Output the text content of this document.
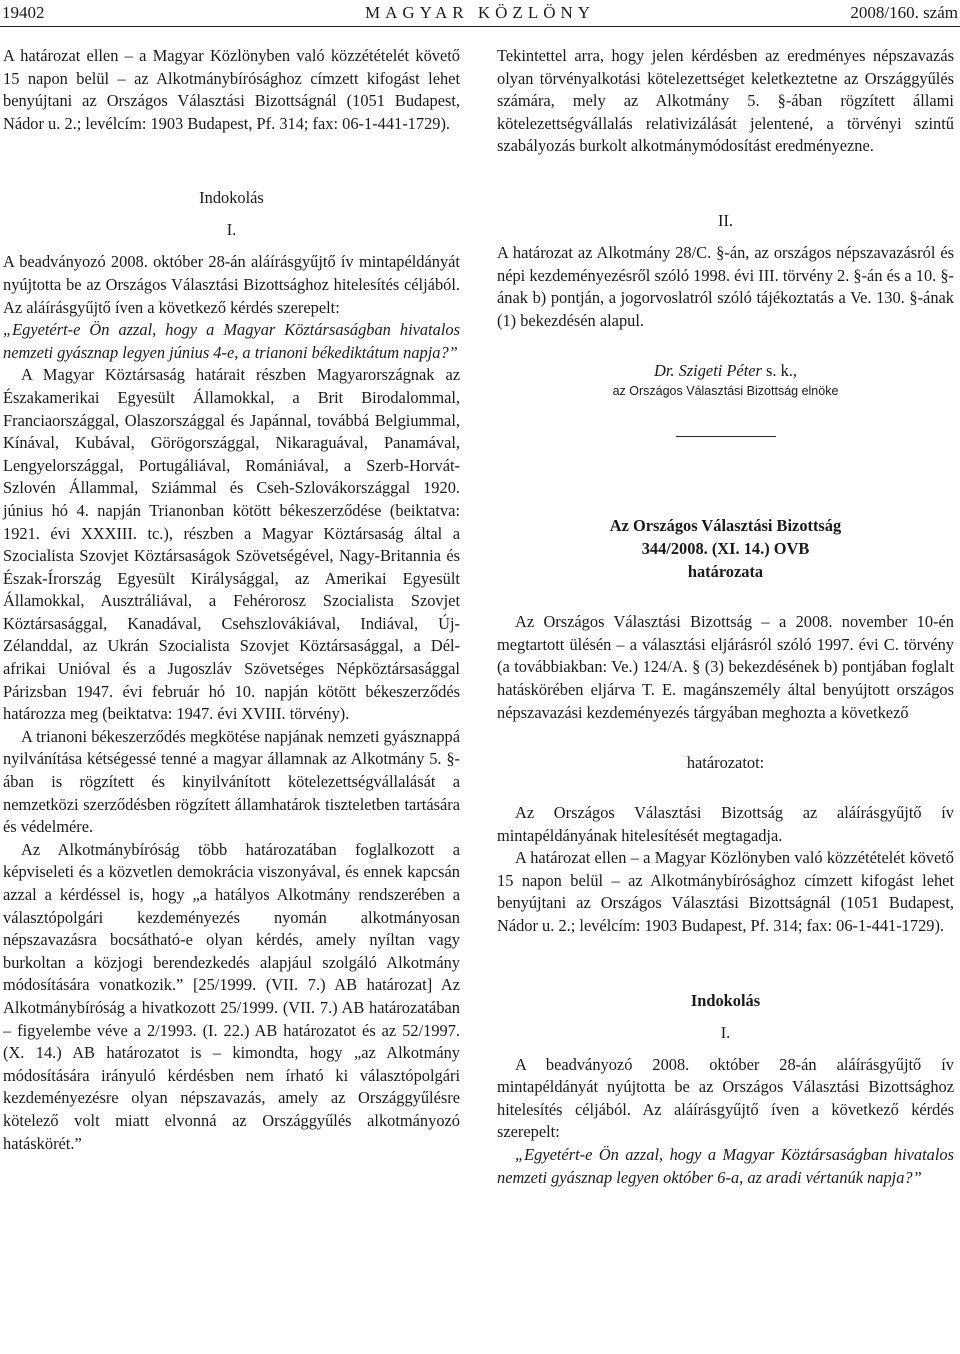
19402	MAGYAR KÖZLÖNY	2008/160. szám

A határozat ellen – a Magyar Közlönyben való közzétételét követő 15 napon belül – az Alkotmánybírósághoz címzett kifogást lehet benyújtani az Országos Választási Bizottságnál (1051 Budapest, Nádor u. 2.; levélcím: 1903 Budapest, Pf. 314; fax: 06-1-441-1729).

Indokolás
I.

A beadványozó 2008. október 28-án aláírásgyűjtő ív mintapéldányát nyújtotta be az Országos Választási Bizottsághoz hitelesítés céljából. Az aláírásgyűjtő íven a következő kérdés szerepelt:

„Egyetért-e Ön azzal, hogy a Magyar Köztársaságban hivatalos nemzeti gyásznap legyen június 4-e, a trianoni békediktátum napja?”

A Magyar Köztársaság határait részben Magyarországnak az Északamerikai Egyesült Államokkal, a Brit Birodalommal, Franciaországgal, Olaszországgal és Japánnal, továbbá Belgiummal, Kínával, Kubával, Görögországgal, Nikaraguával, Panamával, Lengyelországgal, Portugáliával, Romániával, a Szerb-Horvát-Szlovén Állammal, Sziámmal és Cseh-Szlovákországgal 1920. június hó 4. napján Trianonban kötött békeszerződése (beiktatva: 1921. évi XXXIII. tc.), részben a Magyar Köztársaság által a Szocialista Szovjet Köztársaságok Szövetségével, Nagy-Britannia és Észak-Írország Egyesült Királysággal, az Amerikai Egyesült Államokkal, Ausztráliával, a Fehérorosz Szocialista Szovjet Köztársasággal, Kanadával, Csehszlovákiával, Indiával, Új-Zélanddal, az Ukrán Szocialista Szovjet Köztársasággal, a Dél-afrikai Unióval és a Jugoszláv Szövetséges Népköztársasággal Párizsban 1947. évi február hó 10. napján kötött békeszerződés határozza meg (beiktatva: 1947. évi XVIII. törvény).

A trianoni békeszerződés megkötése napjának nemzeti gyásznappá nyilvánítása kétségessé tenné a magyar államnak az Alkotmány 5. §-ában is rögzített és kinyilvánított kötelezettségvállalását a nemzetközi szerződésben rögzített államhatárok tiszteletben tartására és védelmére.

Az Alkotmánybíróság több határozatában foglalkozott a képviseleti és a közvetlen demokrácia viszonyával, és ennek kapcsán azzal a kérdéssel is, hogy „a hatályos Alkotmány rendszerében a választópolgári kezdeményezés nyomán alkotmányosan népszavazásra bocsátható-e olyan kérdés, amely nyíltan vagy burkoltan a közjogi berendezkedés alapjául szolgáló Alkotmány módosítására vonatkozik.” [25/1999. (VII. 7.) AB határozat] Az Alkotmánybíróság a hivatkozott 25/1999. (VII. 7.) AB határozatában – figyelembe véve a 2/1993. (I. 22.) AB határozatot és az 52/1997. (X. 14.) AB határozatot is – kimondta, hogy „az Alkotmány módosítására irányuló kérdésben nem írható ki választópolgári kezdeményezésre olyan népszavazás, amely az Országgyűlésre kötelező volt miatt elvonná az Országgyűlés alkotmányozó hatáskörét.”

Tekintettel arra, hogy jelen kérdésben az eredményes népszavazás olyan törvényalkotási kötelezettséget keletkeztetne az Országgyűlés számára, mely az Alkotmány 5. §-ában rögzített állami kötelezettségvállalás relativizálását jelentené, a törvényi szintű szabályozás burkolt alkotmánymódosítást eredményezne.

II.

A határozat az Alkotmány 28/C. §-án, az országos népszavazásról és népi kezdeményezésről szóló 1998. évi III. törvény 2. §-án és a 10. §-ának b) pontján, a jogorvoslatról szóló tájékoztatás a Ve. 130. §-ának (1) bekezdésén alapul.

Dr. Szigeti Péter s. k.,
az Országos Választási Bizottság elnöke
Az Országos Választási Bizottság
344/2008. (XI. 14.) OVB
határozata

Az Országos Választási Bizottság – a 2008. november 10-én megtartott ülésén – a választási eljárásról szóló 1997. évi C. törvény (a továbbiakban: Ve.) 124/A. § (3) bekezdésének b) pontjában foglalt hatáskörében eljárva T. E. magánszemély által benyújtott országos népszavazási kezdeményezés tárgyában meghozta a következő

határozatot:

Az Országos Választási Bizottság az aláírásgyűjtő ív mintapéldányának hitelesítését megtagadja.

A határozat ellen – a Magyar Közlönyben való közzétételét követő 15 napon belül – az Alkotmánybírósághoz címzett kifogást lehet benyújtani az Országos Választási Bizottságnál (1051 Budapest, Nádor u. 2.; levélcím: 1903 Budapest, Pf. 314; fax: 06-1-441-1729).

Indokolás
I.

A beadványozó 2008. október 28-án aláírásgyűjtő ív mintapéldányát nyújtotta be az Országos Választási Bizottsághoz hitelesítés céljából. Az aláírásgyűjtő íven a következő kérdés szerepelt:

„Egyetért-e Ön azzal, hogy a Magyar Köztársaságban hivatalos nemzeti gyásznap legyen október 6-a, az aradi vértanúk napja?”
